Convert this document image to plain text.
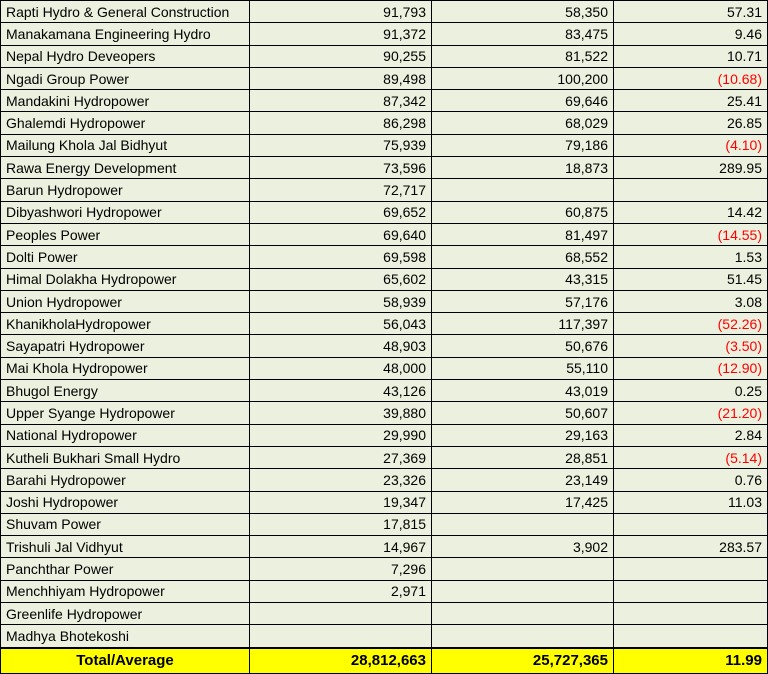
Rapti Hydro & General Construction	91,793	58,350	57.31
Manakamana Engineering Hydro	91,372	83,475	9.46
Nepal Hydro Deveopers	90,255	81,522	10.71
Ngadi Group Power	89,498	100,200	(10.68)
Mandakini Hydropower	87,342	69,646	25.41
Ghalemdi Hydropower	86,298	68,029	26.85
Mailung Khola Jal Bidhyut	75,939	79,186	(4.10)
Rawa Energy Development	73,596	18,873	289.95
Barun Hydropower	72,717		
Dibyashwori Hydropower	69,652	60,875	14.42
Peoples Power	69,640	81,497	(14.55)
Dolti Power	69,598	68,552	1.53
Himal Dolakha Hydropower	65,602	43,315	51.45
Union Hydropower	58,939	57,176	3.08
KhanikholaHydropower	56,043	117,397	(52.26)
Sayapatri Hydropower	48,903	50,676	(3.50)
Mai Khola Hydropower	48,000	55,110	(12.90)
Bhugol Energy	43,126	43,019	0.25
Upper Syange Hydropower	39,880	50,607	(21.20)
National Hydropower	29,990	29,163	2.84
Kutheli Bukhari Small Hydro	27,369	28,851	(5.14)
Barahi Hydropower	23,326	23,149	0.76
Joshi Hydropower	19,347	17,425	11.03
Shuvam Power	17,815		
Trishuli Jal Vidhyut	14,967	3,902	283.57
Panchthar Power	7,296		
Menchhiyam Hydropower	2,971		
Greenlife Hydropower			
Madhya Bhotekoshi			
Total/Average	28,812,663	25,727,365	11.99
